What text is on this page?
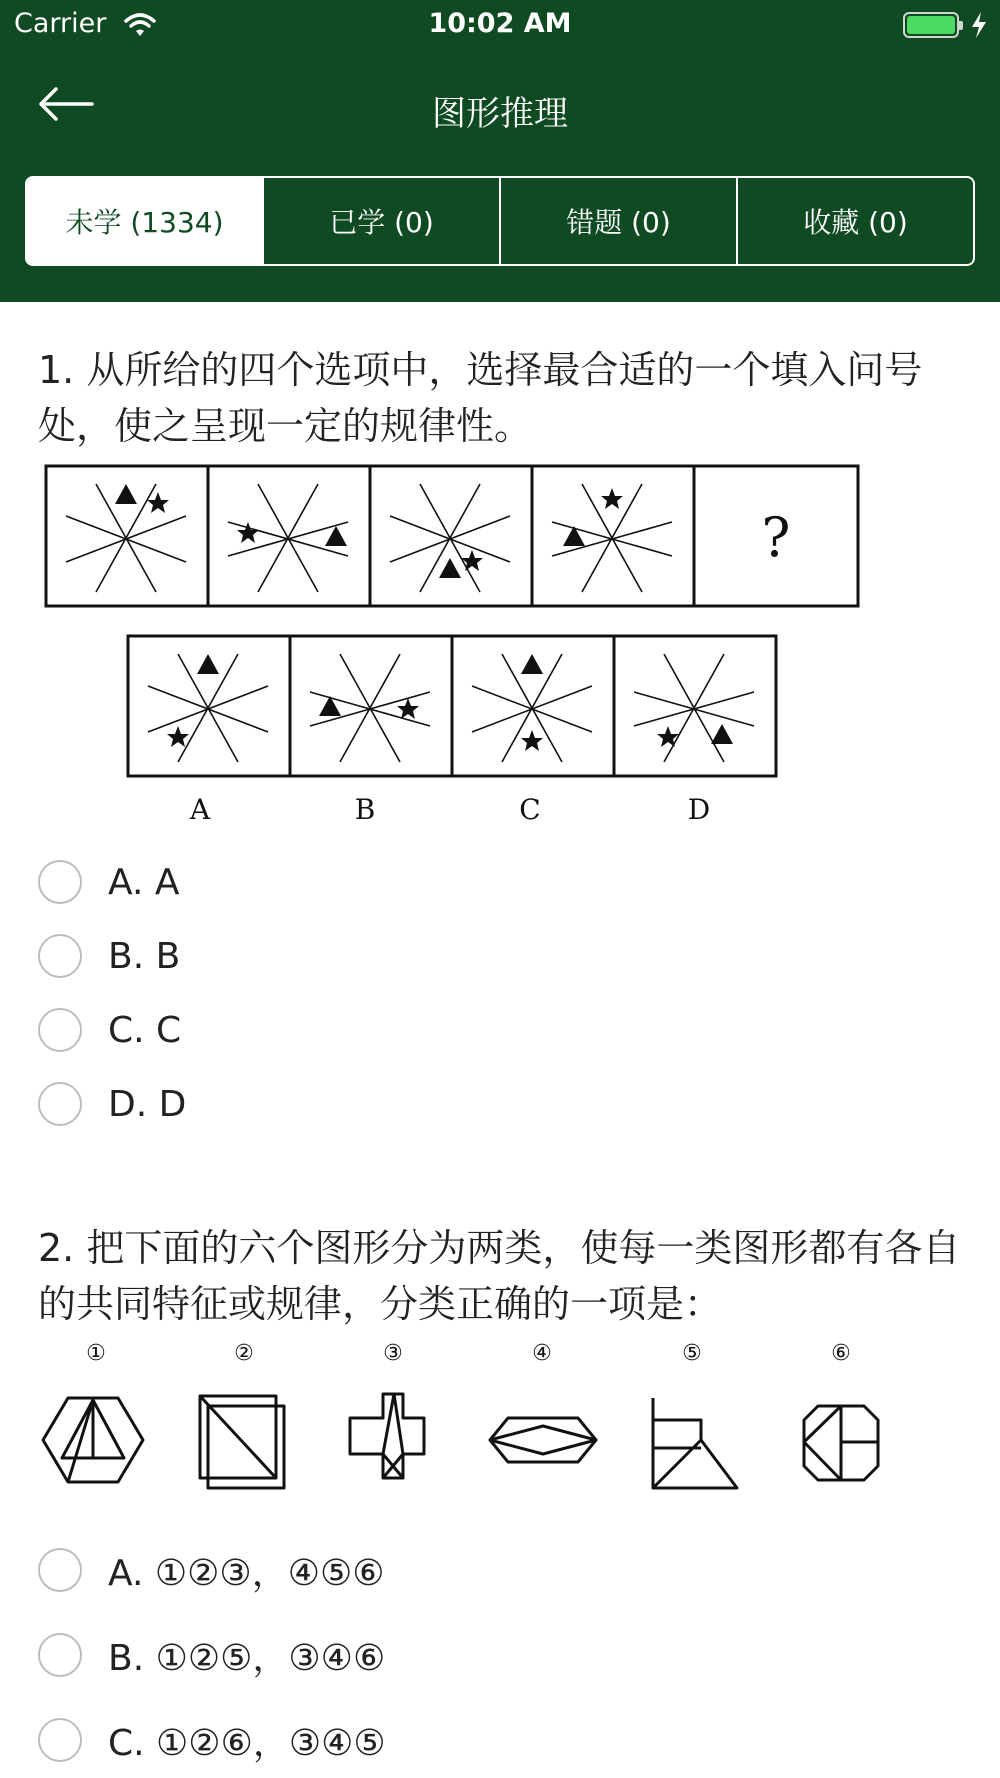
Carrier	10:02 AM
图形推理
未学 (1334)	已学 (0)	错题 (0)	收藏 (0)
1. 从所给的四个选项中，选择最合适的一个填入问号处，使之呈现一定的规律性。
?
A	B	C	D
A. A
B. B
C. C
D. D
2. 把下面的六个图形分为两类，使每一类图形都有各自的共同特征或规律，分类正确的一项是：
①	②	③	④	⑤	⑥
A. ①②③，④⑤⑥
B. ①②⑤，③④⑥
C. ①②⑥，③④⑤
